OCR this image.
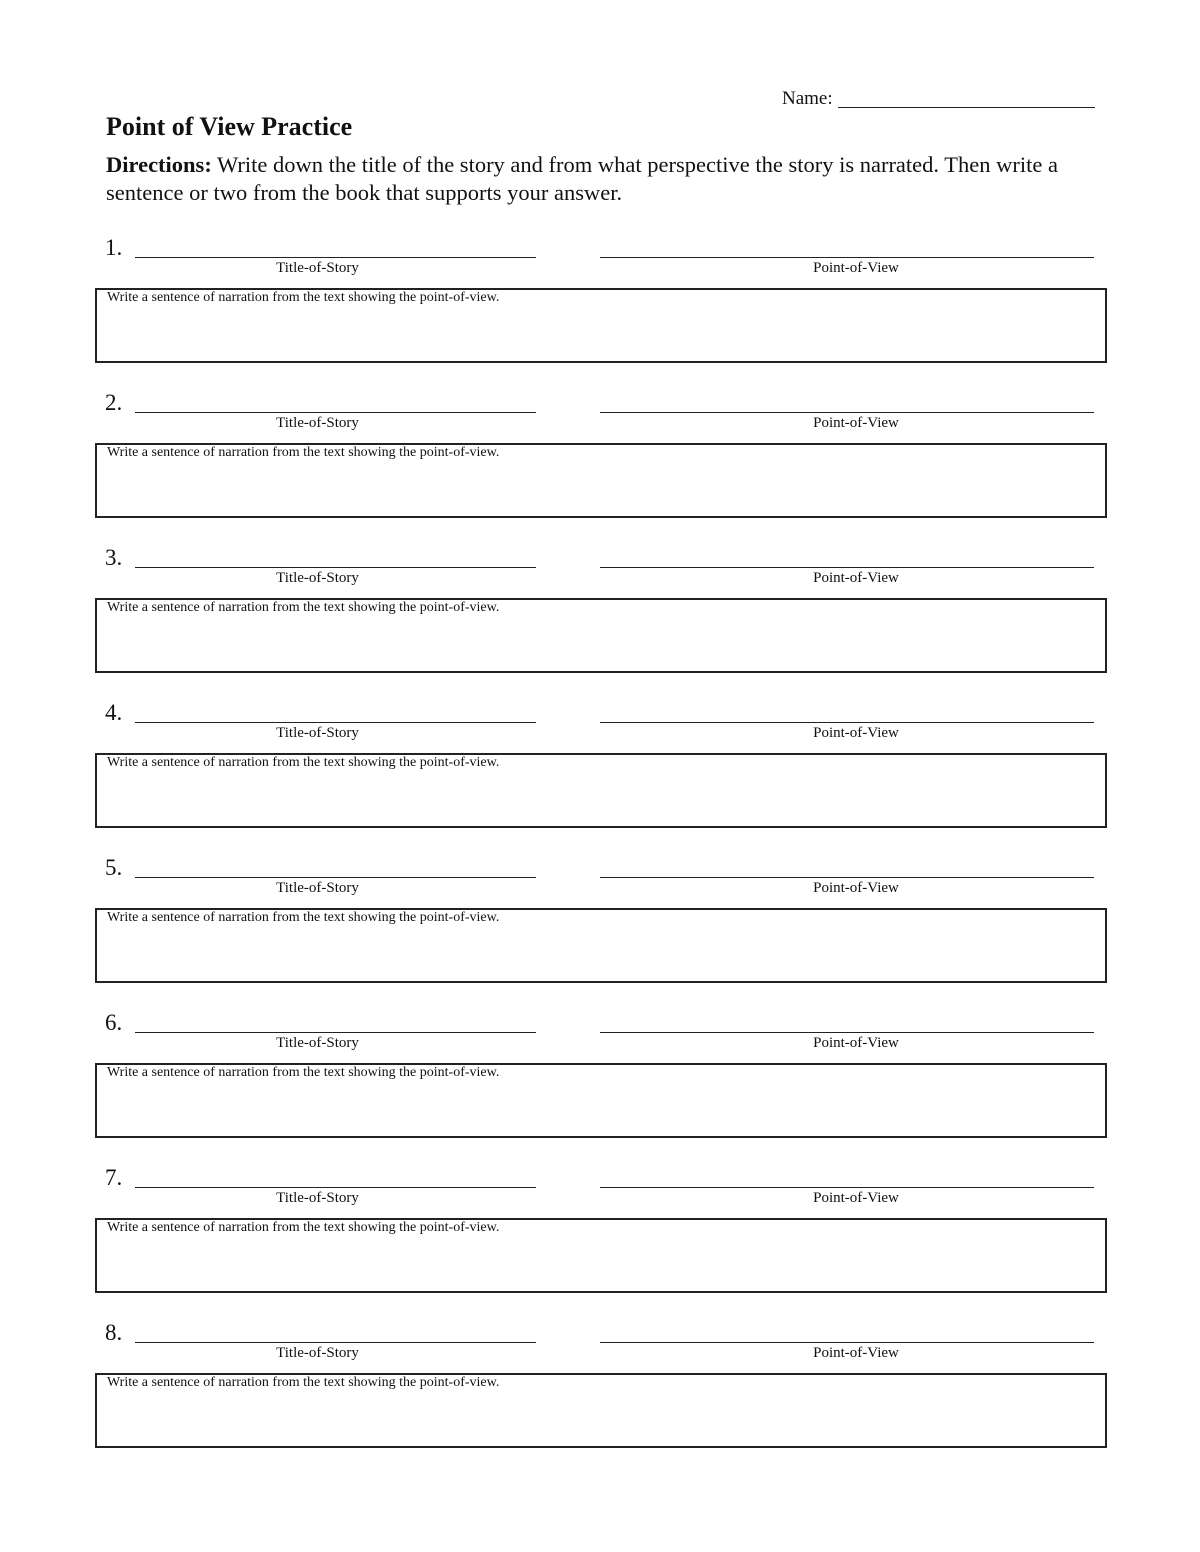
Name:
Point of View Practice

Directions: Write down the title of the story and from what perspective the story is narrated. Then write a sentence or two from the book that supports your answer.

1.
Title-of-Story	Point-of-View
Write a sentence of narration from the text showing the point-of-view.
2.
Title-of-Story	Point-of-View
Write a sentence of narration from the text showing the point-of-view.
3.
Title-of-Story	Point-of-View
Write a sentence of narration from the text showing the point-of-view.
4.
Title-of-Story	Point-of-View
Write a sentence of narration from the text showing the point-of-view.
5.
Title-of-Story	Point-of-View
Write a sentence of narration from the text showing the point-of-view.
6.
Title-of-Story	Point-of-View
Write a sentence of narration from the text showing the point-of-view.
7.
Title-of-Story	Point-of-View
Write a sentence of narration from the text showing the point-of-view.
8.
Title-of-Story	Point-of-View
Write a sentence of narration from the text showing the point-of-view.
